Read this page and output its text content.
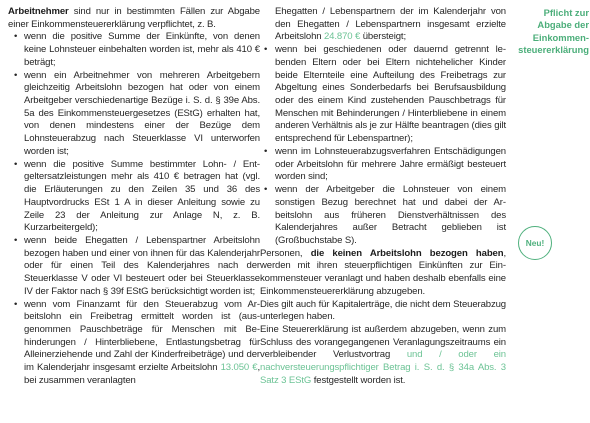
Arbeitnehmer sind nur in bestimmten Fällen zur Abgabe einer Einkommensteuererklärung verpflichtet, z. B.

• wenn die positive Summe der Einkünfte, von denen keine Lohnsteuer einbehalten worden ist, mehr als 410 € beträgt;
• wenn ein Arbeitnehmer von mehreren Arbeitgebern gleichzeitig Arbeitslohn bezogen hat oder von einem Arbeitgeber verschiedenartige Bezüge i. S. d. § 39e Abs. 5a des Einkommensteuergesetzes (EStG) erhalten hat, von denen mindestens einer der Bezüge dem Lohnsteuerabzug nach Steuerklasse VI unterworfen worden ist;
• wenn die positive Summe bestimmter Lohn- / Entgeltersatzleistungen mehr als 410 € betragen hat (vgl. die Erläuterungen zu den Zeilen 35 und 36 des Hauptvordrucks ESt 1 A in dieser Anleitung sowie zu Zeile 23 der Anleitung zur Anlage N, z. B. Kurzarbeitergeld);
• wenn beide Ehegatten / Lebenspartner Arbeitslohn bezogen haben und einer von ihnen für das Kalenderjahr oder für einen Teil des Kalenderjahres nach der Steuerklasse V oder VI besteuert oder bei Steuerklasse IV der Faktor nach § 39f EStG berücksichtigt worden ist;
• wenn vom Finanzamt für den Steuerabzug vom Arbeitslohn ein Freibetrag ermittelt worden ist (ausgenommen Pauschbeträge für Menschen mit Behinderungen / Hinterbliebene, Entlastungsbetrag für Alleinerziehende und Zahl der Kinderfreibeträge) und der im Kalenderjahr insgesamt erzielte Arbeitslohn 13.050 €, bei zusammen veranlagten

Ehegatten / Lebenspartnern der im Kalenderjahr von den Ehegatten / Lebenspartnern insgesamt erzielte Arbeitslohn 24.870 € übersteigt;

• wenn bei geschiedenen oder dauernd getrennt lebenden Eltern oder bei Eltern nichtehelicher Kinder beide Elternteile eine Aufteilung des Freibetrags zur Abgeltung eines Sonderbedarfs bei Berufsausbildung oder des einem Kind zustehenden Pauschbetrags für Menschen mit Behinderungen / Hinterbliebene in einem anderen Verhältnis als je zur Hälfte beantragen (dies gilt entsprechend für Lebenspartner);
• wenn im Lohnsteuerabzugsverfahren Entschädigungen oder Arbeitslohn für mehrere Jahre ermäßigt besteuert worden sind;
• wenn der Arbeitgeber die Lohnsteuer von einem sonstigen Bezug berechnet hat und dabei der Arbeitslohn aus früheren Dienstverhältnissen des Kalenderjahres außer Betracht geblieben ist (Großbuchstabe S).

Personen, die keinen Arbeitslohn bezogen haben, werden mit ihren steuerpflichtigen Einkünften zur Einkommensteuer veranlagt und haben deshalb ebenfalls eine Einkommensteuererklärung abzugeben.

Dies gilt auch für Kapitalerträge, die nicht dem Steuerabzug unterlegen haben.

Eine Steuererklärung ist außerdem abzugeben, wenn zum Schluss des vorangegangenen Veranlagungszeitraums ein verbleibender Verlustvortrag und / oder ein nachversteuerungspflichtiger Betrag i. S. d. § 34a Abs. 3 Satz 3 EStG festgestellt worden ist.

Pflicht zur
Abgabe der
Einkommensteuererklärung
Neu!
